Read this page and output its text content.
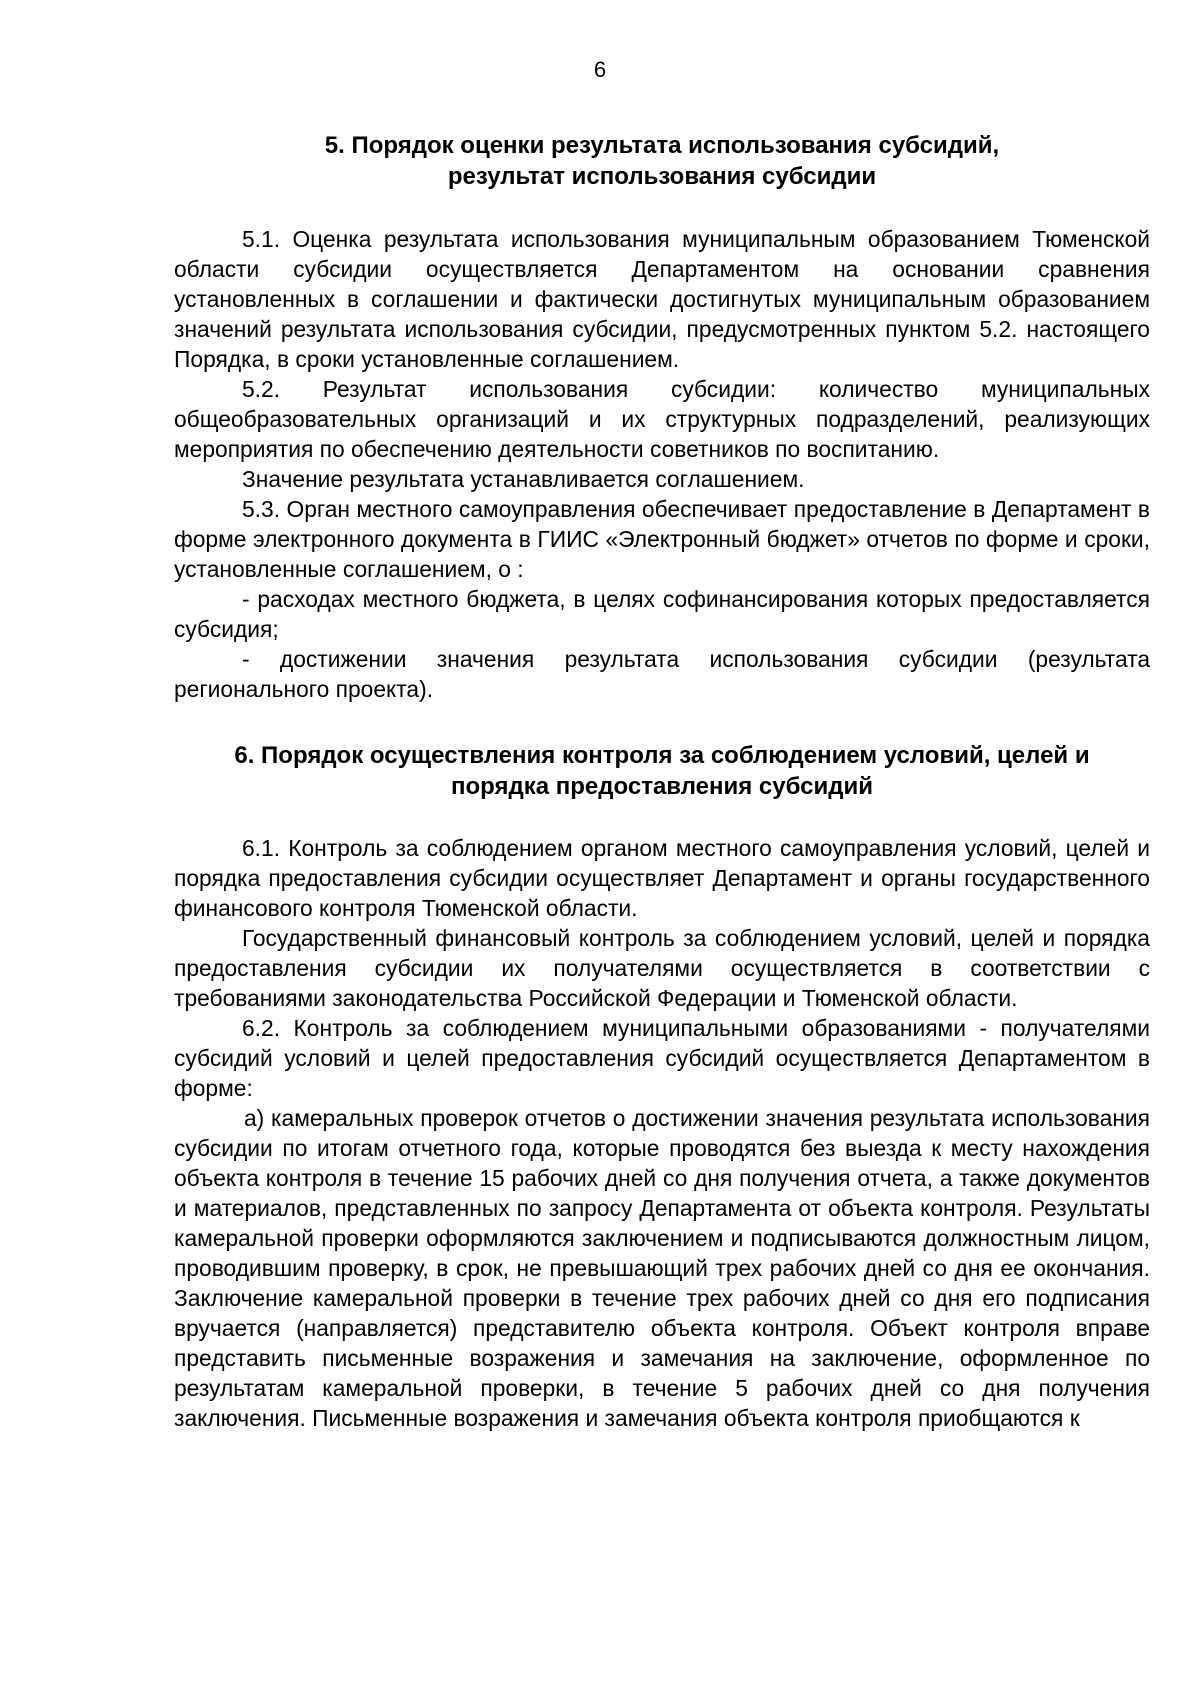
6
5. Порядок оценки результата использования субсидий,
результат использования субсидии

5.1. Оценка результата использования муниципальным образованием Тюменской области субсидии осуществляется Департаментом на основании сравнения установленных в соглашении и фактически достигнутых муниципальным образованием значений результата использования субсидии, предусмотренных пунктом 5.2. настоящего Порядка, в сроки установленные соглашением.

5.2. Результат использования субсидии: количество муниципальных общеобразовательных организаций и их структурных подразделений, реализующих мероприятия по обеспечению деятельности советников по воспитанию.

Значение результата устанавливается соглашением.

5.3. Орган местного самоуправления обеспечивает предоставление в Департамент в форме электронного документа в ГИИС «Электронный бюджет» отчетов по форме и сроки, установленные соглашением, о :

- расходах местного бюджета, в целях софинансирования которых предоставляется субсидия;

- достижении значения результата использования субсидии (результата регионального проекта).

6. Порядок осуществления контроля за соблюдением условий, целей и
порядка предоставления субсидий

6.1. Контроль за соблюдением органом местного самоуправления условий, целей и порядка предоставления субсидии осуществляет Департамент и органы государственного финансового контроля Тюменской области.

Государственный финансовый контроль за соблюдением условий, целей и порядка предоставления субсидии их получателями осуществляется в соответствии с требованиями законодательства Российской Федерации и Тюменской области.

6.2. Контроль за соблюдением муниципальными образованиями - получателями субсидий условий и целей предоставления субсидий осуществляется Департаментом в форме:

а) камеральных проверок отчетов о достижении значения результата использования субсидии по итогам отчетного года, которые проводятся без выезда к месту нахождения объекта контроля в течение 15 рабочих дней со дня получения отчета, а также документов и материалов, представленных по запросу Департамента от объекта контроля. Результаты камеральной проверки оформляются заключением и подписываются должностным лицом, проводившим проверку, в срок, не превышающий трех рабочих дней со дня ее окончания. Заключение камеральной проверки в течение трех рабочих дней со дня его подписания вручается (направляется) представителю объекта контроля. Объект контроля вправе представить письменные возражения и замечания на заключение, оформленное по результатам камеральной проверки, в течение 5 рабочих дней со дня получения заключения. Письменные возражения и замечания объекта контроля приобщаются к
